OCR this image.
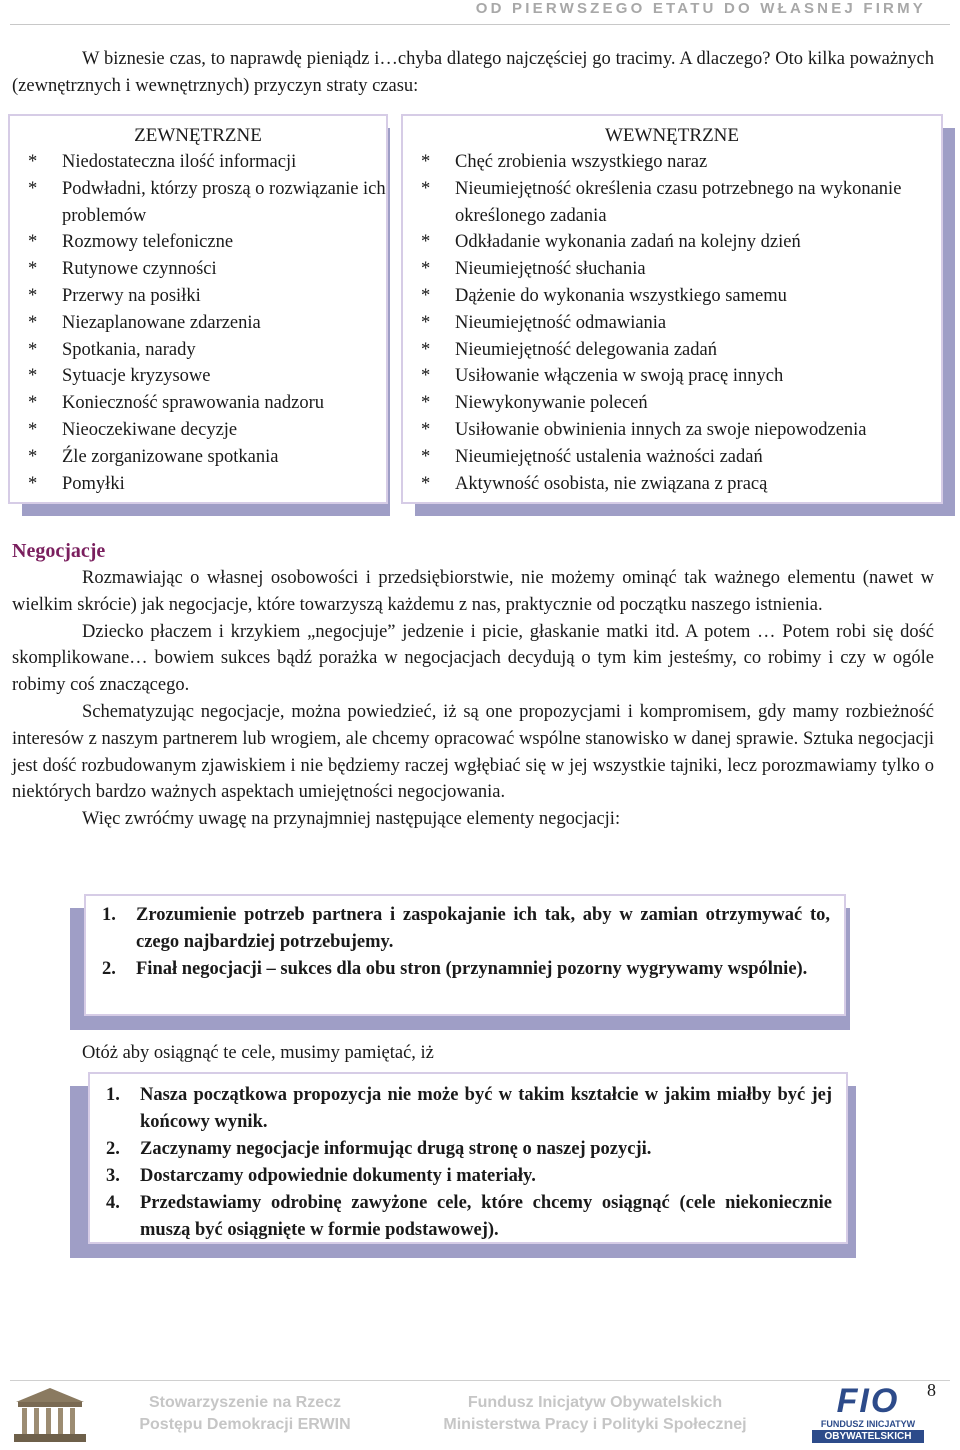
OD PIERWSZEGO ETATU DO WŁASNEJ FIRMY
W biznesie czas, to naprawdę pieniądz i…chyba dlatego najczęściej go tracimy. A dlaczego? Oto kilka poważnych (zewnętrznych i wewnętrznych) przyczyn straty czasu:
ZEWNĘTRZNE
* Niedostateczna ilość informacji
* Podwładni, którzy proszą o rozwiązanie ich problemów
* Rozmowy telefoniczne
* Rutynowe czynności
* Przerwy na posiłki
* Niezaplanowane zdarzenia
* Spotkania, narady
* Sytuacje kryzysowe
* Konieczność sprawowania nadzoru
* Nieoczekiwane decyzje
* Źle zorganizowane spotkania
* Pomyłki
WEWNĘTRZNE
* Chęć zrobienia wszystkiego naraz
* Nieumiejętność określenia czasu potrzebnego na wykonanie określonego zadania
* Odkładanie wykonania zadań na kolejny dzień
* Nieumiejętność słuchania
* Dążenie do wykonania wszystkiego samemu
* Nieumiejętność odmawiania
* Nieumiejętność delegowania zadań
* Usiłowanie włączenia w swoją pracę innych
* Niewykonywanie poleceń
* Usiłowanie obwinienia innych za swoje niepowodzenia
* Nieumiejętność ustalenia ważności zadań
* Aktywność osobista, nie związana z pracą
Negocjacje

Rozmawiając o własnej osobowości i przedsiębiorstwie, nie możemy ominąć tak ważnego elementu (nawet w wielkim skrócie) jak negocjacje, które towarzyszą każdemu z nas, praktycznie od początku naszego istnienia.

Dziecko płaczem i krzykiem „negocjuje” jedzenie i picie, głaskanie matki itd. A potem … Potem robi się dość skomplikowane… bowiem sukces bądź porażka w negocjacjach decydują o tym kim jesteśmy, co robimy i czy w ogóle robimy coś znaczącego.

Schematyzując negocjacje, można powiedzieć, iż są one propozycjami i kompromisem, gdy mamy rozbieżność interesów z naszym partnerem lub wrogiem, ale chcemy opracować wspólne stanowisko w danej sprawie. Sztuka negocjacji jest dość rozbudowanym zjawiskiem i nie będziemy raczej wgłębiać się w jej wszystkie tajniki, lecz porozmawiamy tylko o niektórych bardzo ważnych aspektach umiejętności negocjowania.

Więc zwróćmy uwagę na przynajmniej następujące elementy negocjacji:

1. Zrozumienie potrzeb partnera i zaspokajanie ich tak, aby w zamian otrzymywać to, czego najbardziej potrzebujemy.
2. Finał negocjacji – sukces dla obu stron (przynamniej pozorny wygrywamy wspólnie).
Otóż aby osiągnąć te cele, musimy pamiętać, iż
1. Nasza początkowa propozycja nie może być w takim kształcie w jakim miałby być jej końcowy wynik.
2. Zaczynamy negocjacje informując drugą stronę o naszej pozycji.
3. Dostarczamy odpowiednie dokumenty i materiały.
4. Przedstawiamy odrobinę zawyżone cele, które chcemy osiągnąć (cele niekoniecznie muszą być osiągnięte w formie podstawowej).
Stowarzyszenie na Rzecz
Postępu Demokracji ERWIN
Fundusz Inicjatyw Obywatelskich
Ministerstwa Pracy i Polityki Społecznej
FIO
FUNDUSZ INICJATYW
OBYWATELSKICH
8
